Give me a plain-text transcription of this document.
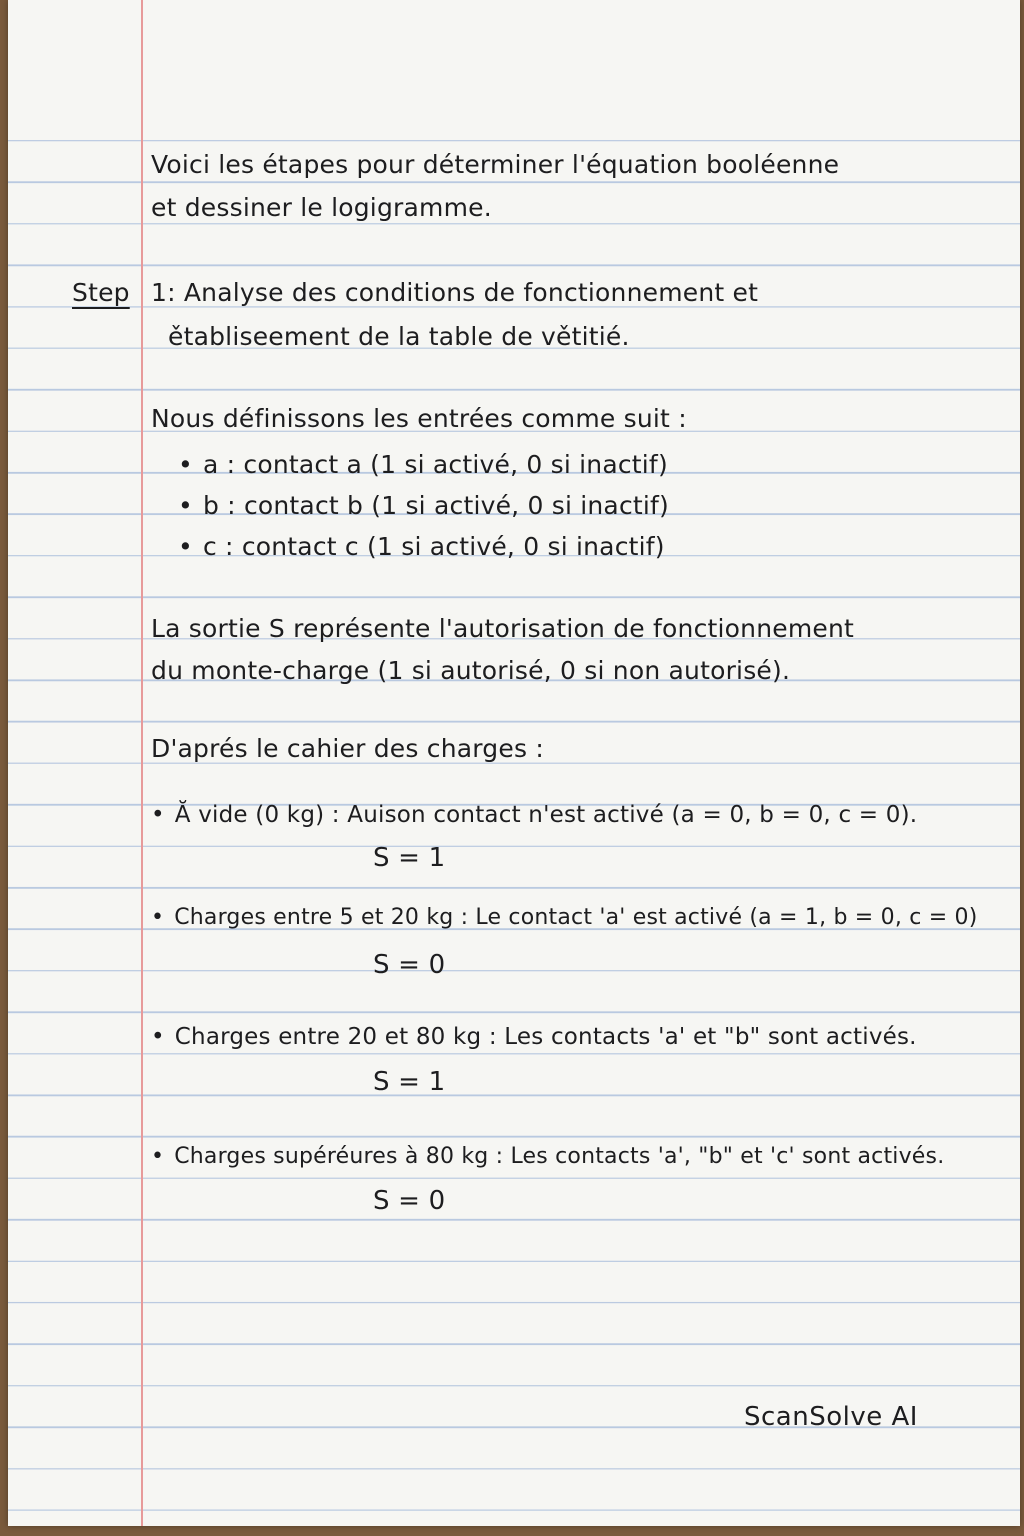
Voici les étapes pour déterminer l'équation booléenne
et dessiner le logigramme.
Step 1: Analyse des conditions de fonctionnement et
ětabliseement de la table de větitié.
Nous définissons les entrées comme suit :
• a : contact a (1 si activé, 0 si inactif)
• b : contact b (1 si activé, 0 si inactif)
• c : contact c (1 si activé, 0 si inactif)
La sortie S représente l'autorisation de fonctionnement
du monte-charge (1 si autorisé, 0 si non autorisé).
D'aprés le cahier des charges :
• Ă vide (0 kg) : Auison contact n'est activé (a = 0, b = 0, c = 0).
S = 1
• Charges entre 5 et 20 kg : Le contact 'a' est activé (a = 1, b = 0, c = 0)
S = 0
• Charges entre 20 et 80 kg : Les contacts 'a' et "b" sont activés.
S = 1
• Charges supéréures à 80 kg : Les contacts 'a', "b" et 'c' sont activés.
S = 0
ScanSolve AI
